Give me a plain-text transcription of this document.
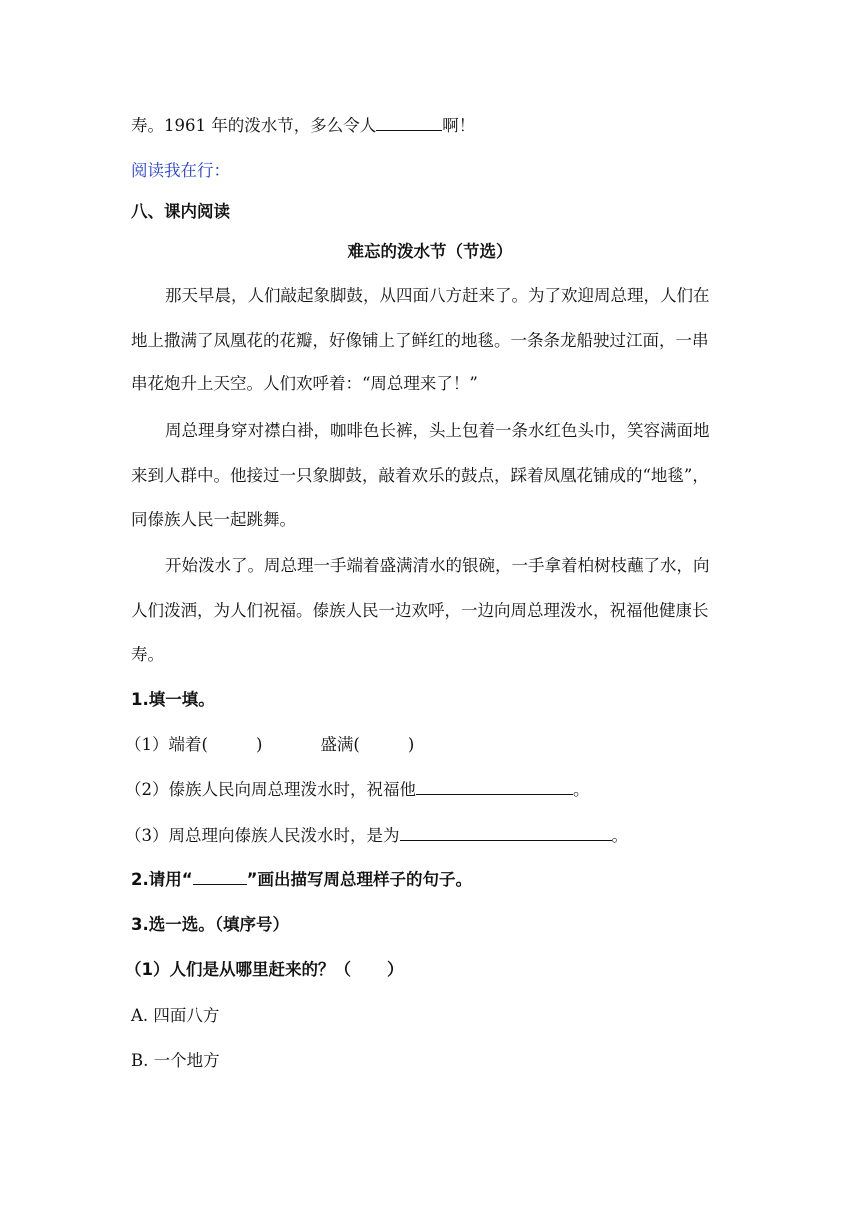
寿。1961 年的泼水节，多么令人	啊！
阅读我在行：
八、课内阅读
难忘的泼水节（节选）
那天早晨，人们敲起象脚鼓，从四面八方赶来了。为了欢迎周总理，人们在
地上撒满了凤凰花的花瓣，好像铺上了鲜红的地毯。一条条龙船驶过江面，一串
串花炮升上天空。人们欢呼着：“周总理来了！”
周总理身穿对襟白褂，咖啡色长裤，头上包着一条水红色头巾，笑容满面地
来到人群中。他接过一只象脚鼓，敲着欢乐的鼓点，踩着凤凰花铺成的“地毯”，
同傣族人民一起跳舞。
开始泼水了。周总理一手端着盛满清水的银碗，一手拿着柏树枝蘸了水，向
人们泼洒，为人们祝福。傣族人民一边欢呼，一边向周总理泼水，祝福他健康长
寿。
1.填一填。
（1）端着(	)	盛满(	)
（2）傣族人民向周总理泼水时，祝福他	。
（3）周总理向傣族人民泼水时，是为	。
2.请用“	”画出描写周总理样子的句子。
3.选一选。（填序号）
（1）人们是从哪里赶来的？（ ）
A. 四面八方
B. 一个地方
